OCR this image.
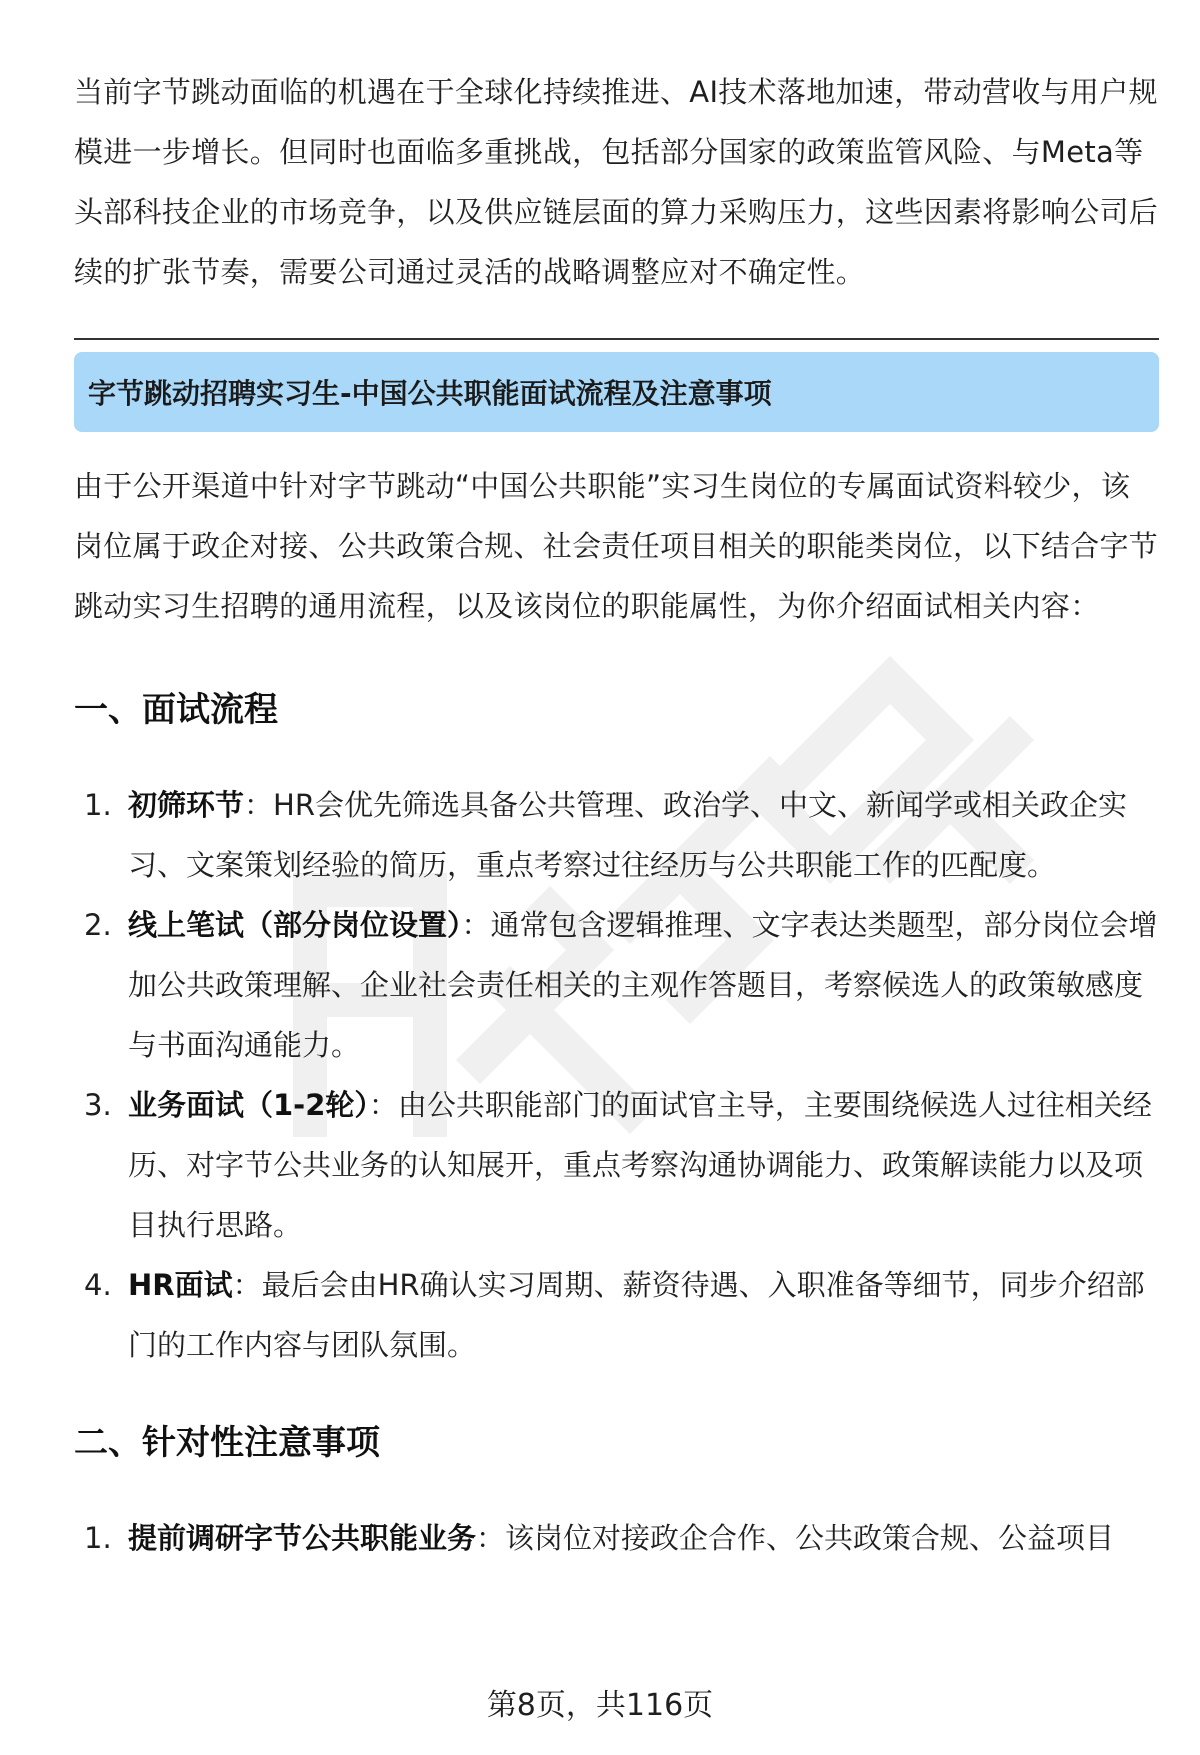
当前字节跳动面临的机遇在于全球化持续推进、AI技术落地加速，带动营收与用户规模进一步增长。但同时也面临多重挑战，包括部分国家的政策监管风险、与Meta等头部科技企业的市场竞争，以及供应链层面的算力采购压力，这些因素将影响公司后续的扩张节奏，需要公司通过灵活的战略调整应对不确定性。

字节跳动招聘实习生-中国公共职能面试流程及注意事项

由于公开渠道中针对字节跳动“中国公共职能”实习生岗位的专属面试资料较少，该岗位属于政企对接、公共政策合规、社会责任项目相关的职能类岗位，以下结合字节跳动实习生招聘的通用流程，以及该岗位的职能属性，为你介绍面试相关内容：

一、面试流程
1. 初筛环节：HR会优先筛选具备公共管理、政治学、中文、新闻学或相关政企实习、文案策划经验的简历，重点考察过往经历与公共职能工作的匹配度。
2. 线上笔试（部分岗位设置）：通常包含逻辑推理、文字表达类题型，部分岗位会增加公共政策理解、企业社会责任相关的主观作答题目，考察候选人的政策敏感度与书面沟通能力。
3. 业务面试（1-2轮）：由公共职能部门的面试官主导，主要围绕候选人过往相关经历、对字节公共业务的认知展开，重点考察沟通协调能力、政策解读能力以及项目执行思路。
4. HR面试：最后会由HR确认实习周期、薪资待遇、入职准备等细节，同步介绍部门的工作内容与团队氛围。
二、针对性注意事项
1. 提前调研字节公共职能业务：该岗位对接政企合作、公共政策合规、公益项目
第8页，共116页
